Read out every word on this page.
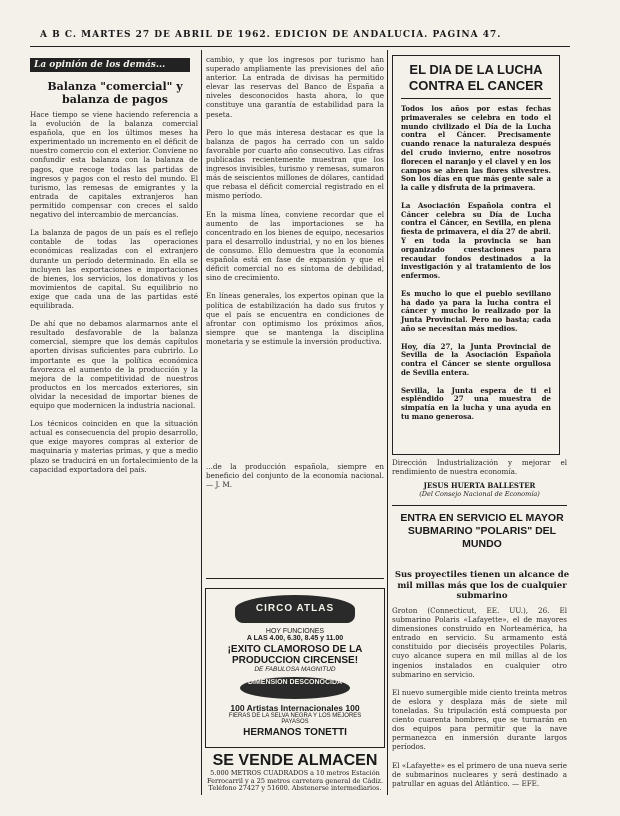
A B C. MARTES 27 DE ABRIL DE 1962. EDICION DE ANDALUCIA. PAGINA 47.
La opinión de los demás...
Balanza "comercial" y balanza de pagos
Hace tiempo se viene haciendo referencia a la evolución de la balanza comercial española, que en los últimos meses ha experimentado un incremento en el déficit de nuestro comercio con el exterior. Conviene no confundir esta balanza con la balanza de pagos, que recoge todas las partidas de ingresos y pagos con el resto del mundo. El turismo, las remesas de emigrantes y la entrada de capitales extranjeros han permitido compensar con creces el saldo negativo del intercambio de mercancías.

La balanza de pagos de un país es el reflejo contable de todas las operaciones económicas realizadas con el extranjero durante un período determinado. En ella se incluyen las exportaciones e importaciones de bienes, los servicios, los donativos y los movimientos de capital. Su equilibrio no exige que cada una de las partidas esté equilibrada.

De ahí que no debamos alarmarnos ante el resultado desfavorable de la balanza comercial, siempre que los demás capítulos aporten divisas suficientes para cubrirlo. Lo importante es que la política económica favorezca el aumento de la producción y la mejora de la competitividad de nuestros productos en los mercados exteriores, sin olvidar la necesidad de importar bienes de equipo que modernicen la industria nacional.

Los técnicos coinciden en que la situación actual es consecuencia del propio desarrollo, que exige mayores compras al exterior de maquinaria y materias primas, y que a medio plazo se traducirá en un fortalecimiento de la capacidad exportadora del país.
cambio, y que los ingresos por turismo han superado ampliamente las previsiones del año anterior. La entrada de divisas ha permitido elevar las reservas del Banco de España a niveles desconocidos hasta ahora, lo que constituye una garantía de estabilidad para la peseta.

Pero lo que más interesa destacar es que la balanza de pagos ha cerrado con un saldo favorable por cuarto año consecutivo. Las cifras publicadas recientemente muestran que los ingresos invisibles, turismo y remesas, sumaron más de seiscientos millones de dólares, cantidad que rebasa el déficit comercial registrado en el mismo período.

En la misma línea, conviene recordar que el aumento de las importaciones se ha concentrado en los bienes de equipo, necesarios para el desarrollo industrial, y no en los bienes de consumo. Ello demuestra que la economía española está en fase de expansión y que el déficit comercial no es síntoma de debilidad, sino de crecimiento.

En líneas generales, los expertos opinan que la política de estabilización ha dado sus frutos y que el país se encuentra en condiciones de afrontar con optimismo los próximos años, siempre que se mantenga la disciplina monetaria y se estimule la inversión productiva.
...de la producción española, siempre en beneficio del conjunto de la economía nacional. — J. M.
CIRCO ATLAS
HOY FUNCIONES
A LAS 4.00, 6.30, 8.45 y 11.00
¡EXITO CLAMOROSO DE LA
PRODUCCION CIRCENSE!
DE FABULOSA MAGNITUD
DIMENSION DESCONOCIDA
100 Artistas Internacionales 100
FIERAS DE LA SELVA NEGRA Y LOS MEJORES PAYASOS
HERMANOS TONETTI
SE VENDE ALMACEN
5.000 METROS CUADRADOS a 10 metros Estación Ferrocarril y a 25 metros carretera general de Cádiz. Teléfono 27427 y 51600. Abstenerse intermediarios.
EL DIA DE LA LUCHA CONTRA EL CANCER
Todos los años por estas fechas primaverales se celebra en todo el mundo civilizado el Día de la Lucha contra el Cáncer. Precisamente cuando renace la naturaleza después del crudo invierno, entre nosotros florecen el naranjo y el clavel y en los campos se abren las flores silvestres. Son los días en que más gente sale a la calle y disfruta de la primavera.

La Asociación Española contra el Cáncer celebra su Día de Lucha contra el Cáncer, en Sevilla, en plena fiesta de primavera, el día 27 de abril. Y en toda la provincia se han organizado cuestaciones para recaudar fondos destinados a la investigación y al tratamiento de los enfermos.

Es mucho lo que el pueblo sevillano ha dado ya para la lucha contra el cáncer y mucho lo realizado por la Junta Provincial. Pero no basta; cada año se necesitan más medios.

Hoy, día 27, la Junta Provincial de Sevilla de la Asociación Española contra el Cáncer se siente orgullosa de Sevilla entera.

Sevilla, la Junta espera de ti el espléndido 27 una muestra de simpatía en la lucha y una ayuda en tu mano generosa.
Dirección Industrialización y mejorar el rendimiento de nuestra economía.
JESUS HUERTA BALLESTER
(Del Consejo Nacional de Economía)
ENTRA EN SERVICIO EL MAYOR SUBMARINO "POLARIS" DEL MUNDO
Sus proyectiles tienen un alcance de mil millas más que los de cualquier submarino
Groton (Connecticut, EE. UU.), 26. El submarino Polaris «Lafayette», el de mayores dimensiones construido en Norteamérica, ha entrado en servicio. Su armamento está constituido por dieciséis proyectiles Polaris, cuyo alcance supera en mil millas al de los ingenios instalados en cualquier otro submarino en servicio.

El nuevo sumergible mide ciento treinta metros de eslora y desplaza más de siete mil toneladas. Su tripulación está compuesta por ciento cuarenta hombres, que se turnarán en dos equipos para permitir que la nave permanezca en inmersión durante largos períodos.

El «Lafayette» es el primero de una nueva serie de submarinos nucleares y será destinado a patrullar en aguas del Atlántico. — EFE.
